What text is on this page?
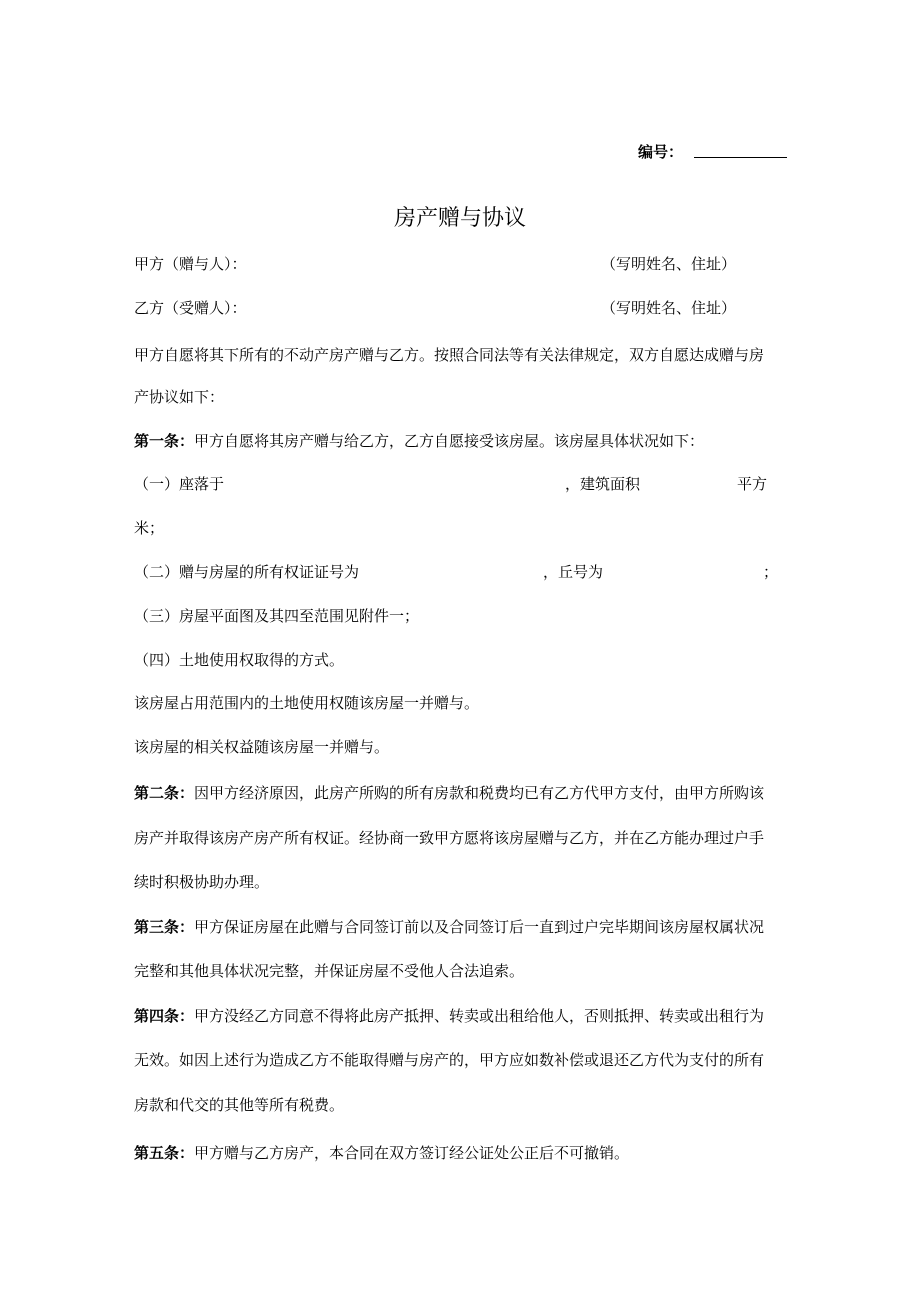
编号：
房产赠与协议
甲方（赠与人）：	（写明姓名、住址）
乙方（受赠人）：	（写明姓名、住址）
甲方自愿将其下所有的不动产房产赠与乙方。按照合同法等有关法律规定，双方自愿达成赠与房
产协议如下：
第一条：甲方自愿将其房产赠与给乙方，乙方自愿接受该房屋。该房屋具体状况如下：
（一）座落于	，建筑面积	平方
米；
（二）赠与房屋的所有权证证号为	，丘号为	；
（三）房屋平面图及其四至范围见附件一；
（四）土地使用权取得的方式。
该房屋占用范围内的土地使用权随该房屋一并赠与。
该房屋的相关权益随该房屋一并赠与。
第二条：因甲方经济原因，此房产所购的所有房款和税费均已有乙方代甲方支付，由甲方所购该
房产并取得该房产房产所有权证。经协商一致甲方愿将该房屋赠与乙方，并在乙方能办理过户手
续时积极协助办理。
第三条：甲方保证房屋在此赠与合同签订前以及合同签订后一直到过户完毕期间该房屋权属状况
完整和其他具体状况完整，并保证房屋不受他人合法追索。
第四条：甲方没经乙方同意不得将此房产抵押、转卖或出租给他人，否则抵押、转卖或出租行为
无效。如因上述行为造成乙方不能取得赠与房产的，甲方应如数补偿或退还乙方代为支付的所有
房款和代交的其他等所有税费。
第五条：甲方赠与乙方房产，本合同在双方签订经公证处公正后不可撤销。
